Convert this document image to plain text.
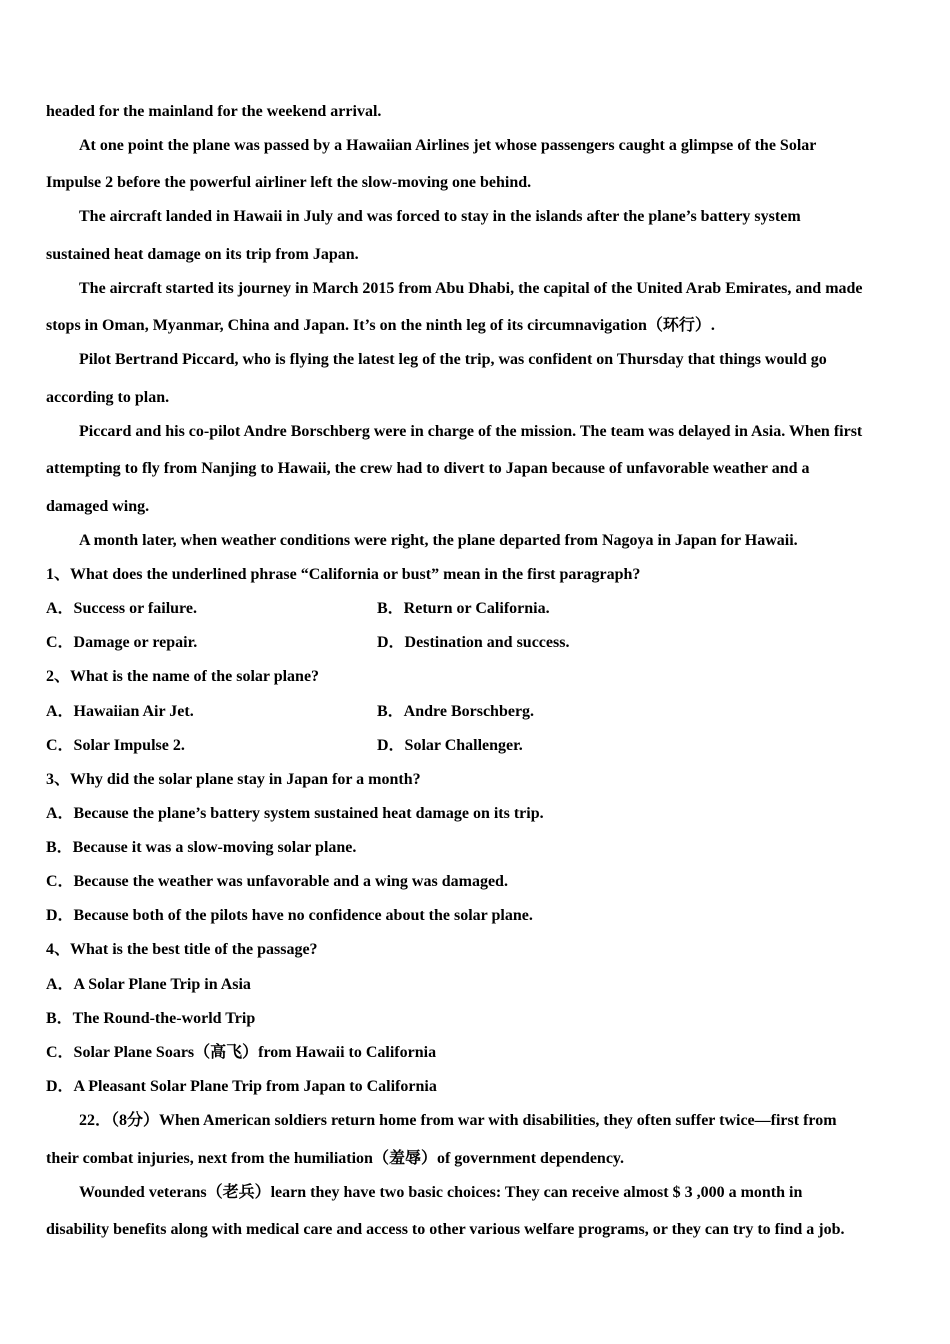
headed for the mainland for the weekend arrival.
At one point the plane was passed by a Hawaiian Airlines jet whose passengers caught a glimpse of the Solar
Impulse 2 before the powerful airliner left the slow-moving one behind.
The aircraft landed in Hawaii in July and was forced to stay in the islands after the plane’s battery system
sustained heat damage on its trip from Japan.
The aircraft started its journey in March 2015 from Abu Dhabi, the capital of the United Arab Emirates, and made
stops in Oman, Myanmar, China and Japan. It’s on the ninth leg of its circumnavigation（环行）.
Pilot Bertrand Piccard, who is flying the latest leg of the trip, was confident on Thursday that things would go
according to plan.
Piccard and his co-pilot Andre Borschberg were in charge of the mission. The team was delayed in Asia. When first
attempting to fly from Nanjing to Hawaii, the crew had to divert to Japan because of unfavorable weather and a
damaged wing.
A month later, when weather conditions were right, the plane departed from Nagoya in Japan for Hawaii.
1、What does the underlined phrase “California or bust” mean in the first paragraph?
A．Success or failure.	B．Return or California.
C．Damage or repair.	D．Destination and success.
2、What is the name of the solar plane?
A．Hawaiian Air Jet.	B．Andre Borschberg.
C．Solar Impulse 2.	D．Solar Challenger.
3、Why did the solar plane stay in Japan for a month?
A．Because the plane’s battery system sustained heat damage on its trip.
B．Because it was a slow-moving solar plane.
C．Because the weather was unfavorable and a wing was damaged.
D．Because both of the pilots have no confidence about the solar plane.
4、What is the best title of the passage?
A．A Solar Plane Trip in Asia
B．The Round-the-world Trip
C．Solar Plane Soars（高飞）from Hawaii to California
D．A Pleasant Solar Plane Trip from Japan to California
22．（8分）When American soldiers return home from war with disabilities, they often suffer twice—first from
their combat injuries, next from the humiliation（羞辱）of government dependency.
Wounded veterans（老兵）learn they have two basic choices: They can receive almost $ 3 ,000 a month in
disability benefits along with medical care and access to other various welfare programs, or they can try to find a job.
